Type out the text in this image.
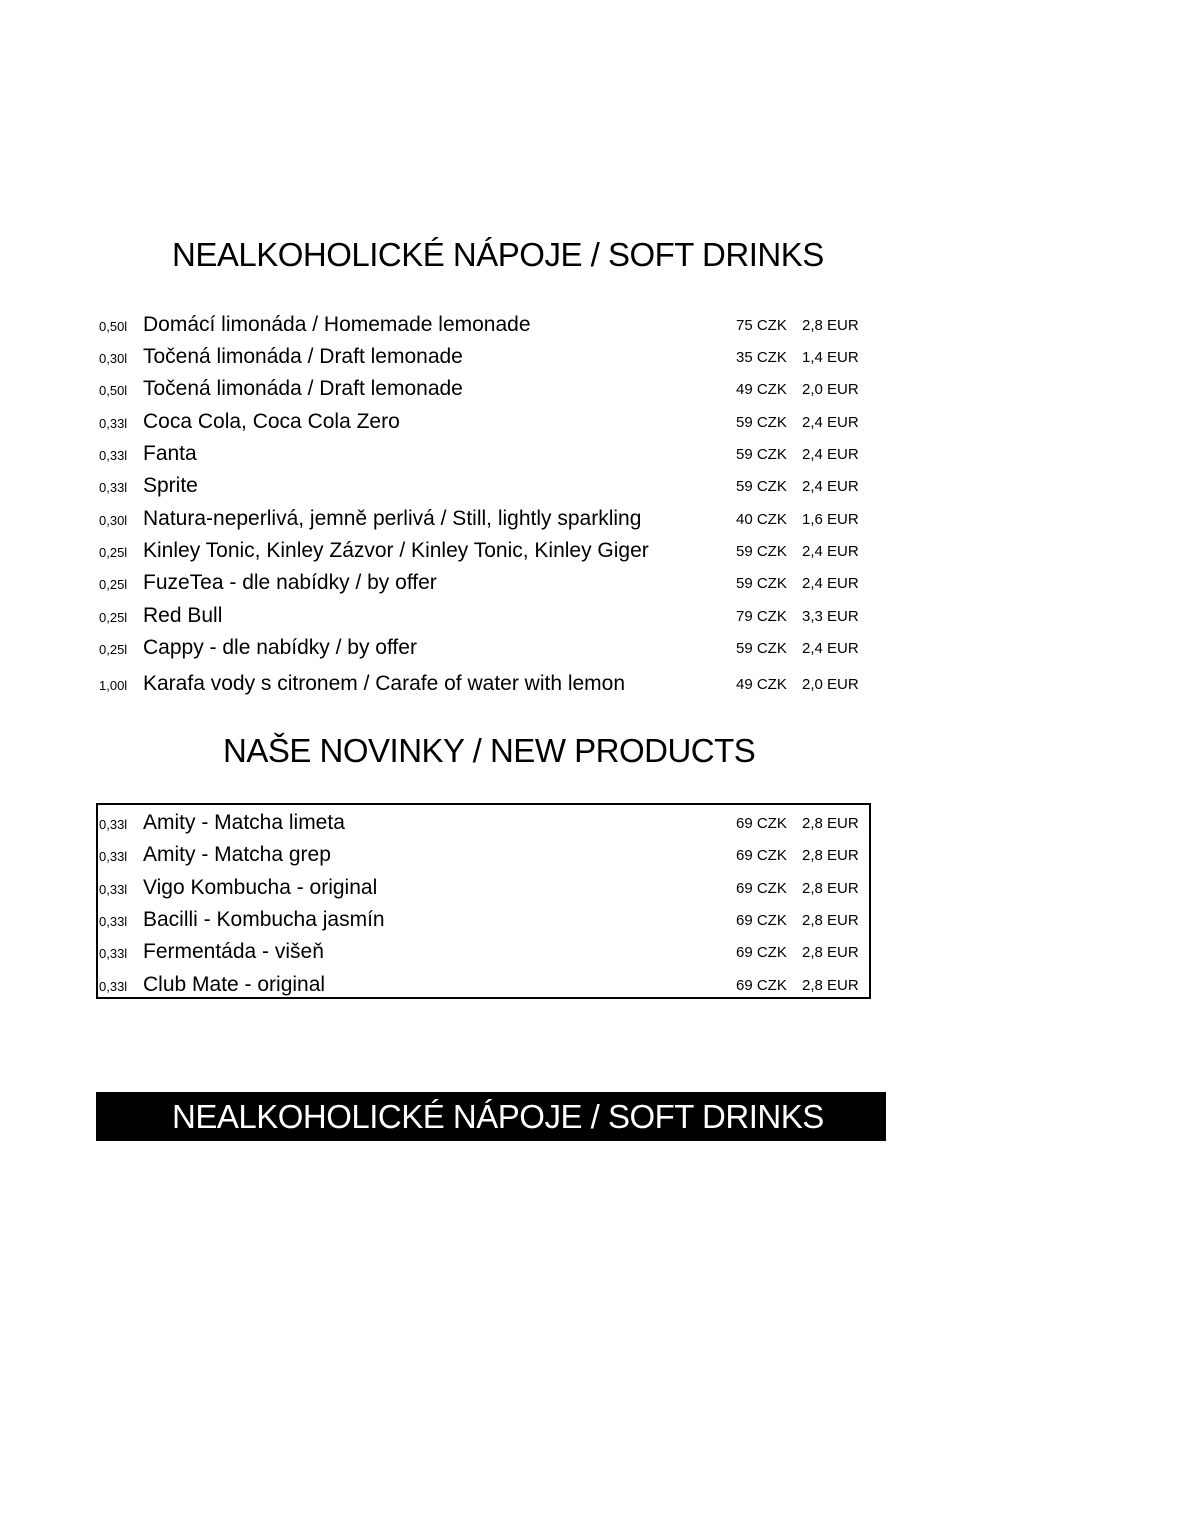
NEALKOHOLICKÉ NÁPOJE / SOFT DRINKS
0,50l Domácí limonáda / Homemade lemonade	75 CZK 2,8 EUR
0,30l Točená limonáda / Draft lemonade	35 CZK 1,4 EUR
0,50l Točená limonáda / Draft lemonade	49 CZK 2,0 EUR
0,33l Coca Cola, Coca Cola Zero	59 CZK 2,4 EUR
0,33l Fanta	59 CZK 2,4 EUR
0,33l Sprite	59 CZK 2,4 EUR
0,30l Natura-neperlivá, jemně perlivá / Still, lightly sparkling	40 CZK 1,6 EUR
0,25l Kinley Tonic, Kinley Zázvor / Kinley Tonic, Kinley Giger	59 CZK 2,4 EUR
0,25l FuzeTea - dle nabídky / by offer	59 CZK 2,4 EUR
0,25l Red Bull	79 CZK 3,3 EUR
0,25l Cappy - dle nabídky / by offer	59 CZK 2,4 EUR
1,00l Karafa vody s citronem / Carafe of water with lemon	49 CZK 2,0 EUR
NAŠE NOVINKY / NEW PRODUCTS
0,33l Amity - Matcha limeta	69 CZK 2,8 EUR
0,33l Amity - Matcha grep	69 CZK 2,8 EUR
0,33l Vigo Kombucha - original	69 CZK 2,8 EUR
0,33l Bacilli - Kombucha jasmín	69 CZK 2,8 EUR
0,33l Fermentáda - višeň	69 CZK 2,8 EUR
0,33l Club Mate - original	69 CZK 2,8 EUR
NEALKOHOLICKÉ NÁPOJE / SOFT DRINKS
